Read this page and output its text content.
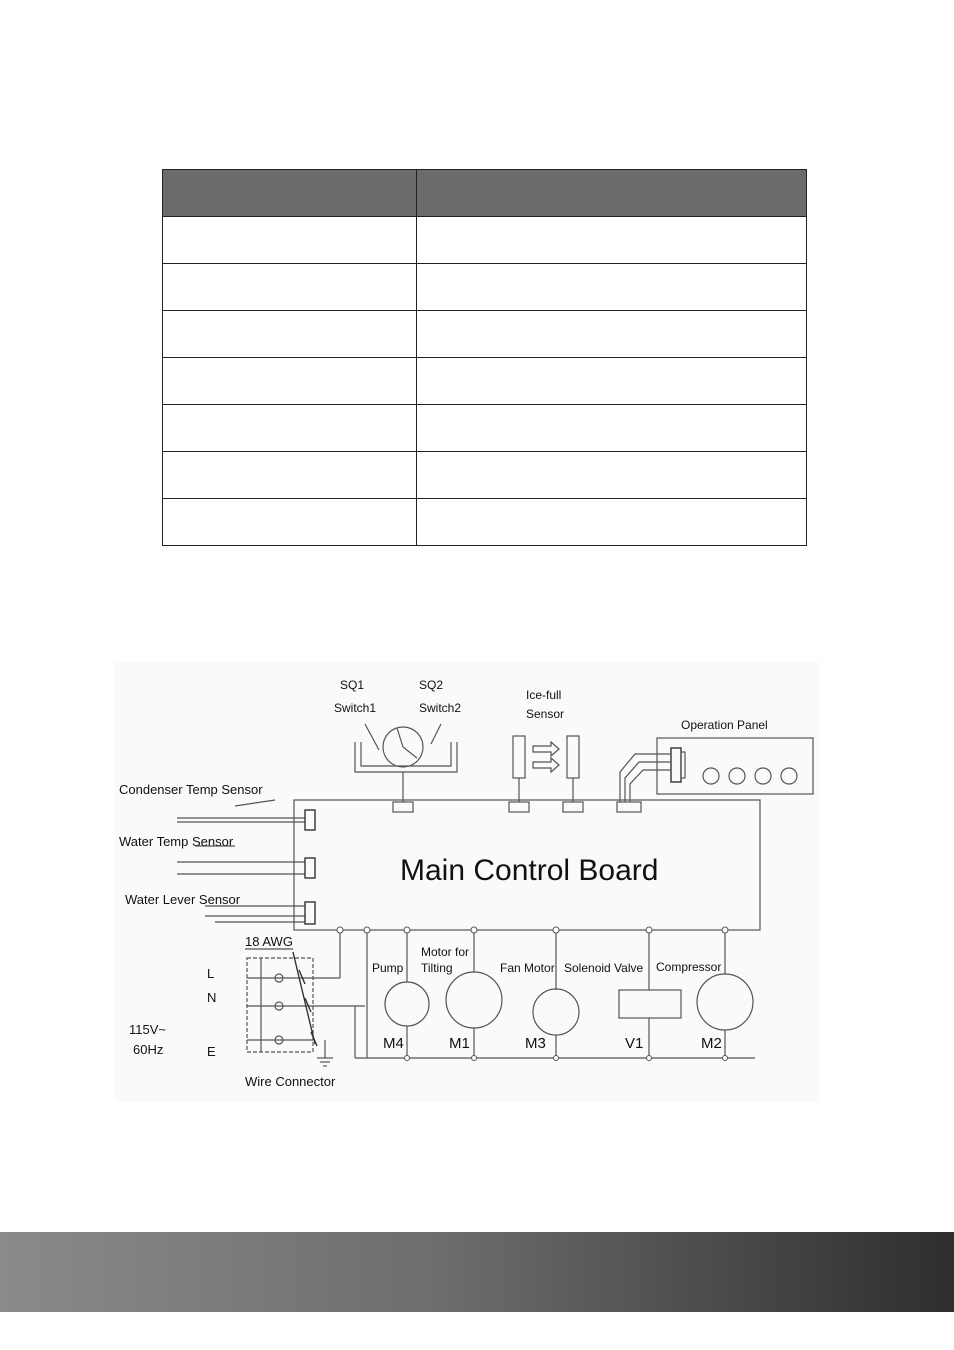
Main Control Board
SQ1
Switch1
SQ2
Switch2
Ice-full
Sensor
Operation Panel
Condenser Temp Sensor
Water Temp Sensor
Water Lever Sensor
18 AWG
L
N
E
115V~
60Hz
Wire Connector
Pump
M4
Motor for
Tilting
M1
Fan Motor
M3
Solenoid Valve
V1
Compressor
M2
